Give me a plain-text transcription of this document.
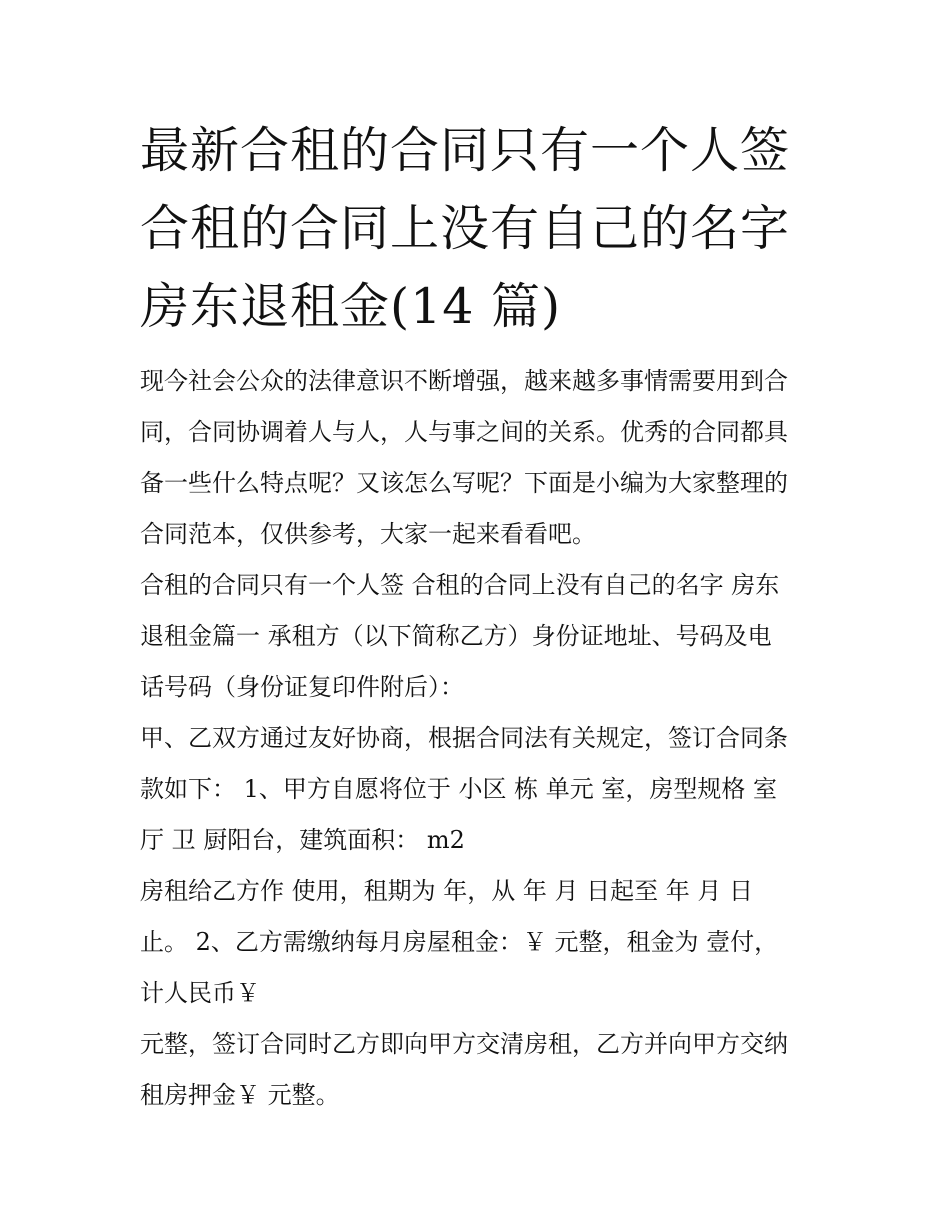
最新合租的合同只有一个人签
合租的合同上没有自己的名字
房东退租金(14 篇)
现今社会公众的法律意识不断增强，越来越多事情需要用到合
同，合同协调着人与人，人与事之间的关系。优秀的合同都具
备一些什么特点呢？又该怎么写呢？下面是小编为大家整理的
合同范本，仅供参考，大家一起来看看吧。
合租的合同只有一个人签 合租的合同上没有自己的名字 房东
退租金篇一 承租方（以下简称乙方）身份证地址、号码及电
话号码（身份证复印件附后）：
甲、乙双方通过友好协商，根据合同法有关规定，签订合同条
款如下： 1、甲方自愿将位于 小区 栋 单元 室，房型规格 室
厅 卫 厨阳台，建筑面积： m2
房租给乙方作 使用，租期为 年，从 年 月 日起至 年 月 日
止。 2、乙方需缴纳每月房屋租金：￥ 元整，租金为 壹付，
计人民币￥
元整，签订合同时乙方即向甲方交清房租，乙方并向甲方交纳
租房押金￥ 元整。
